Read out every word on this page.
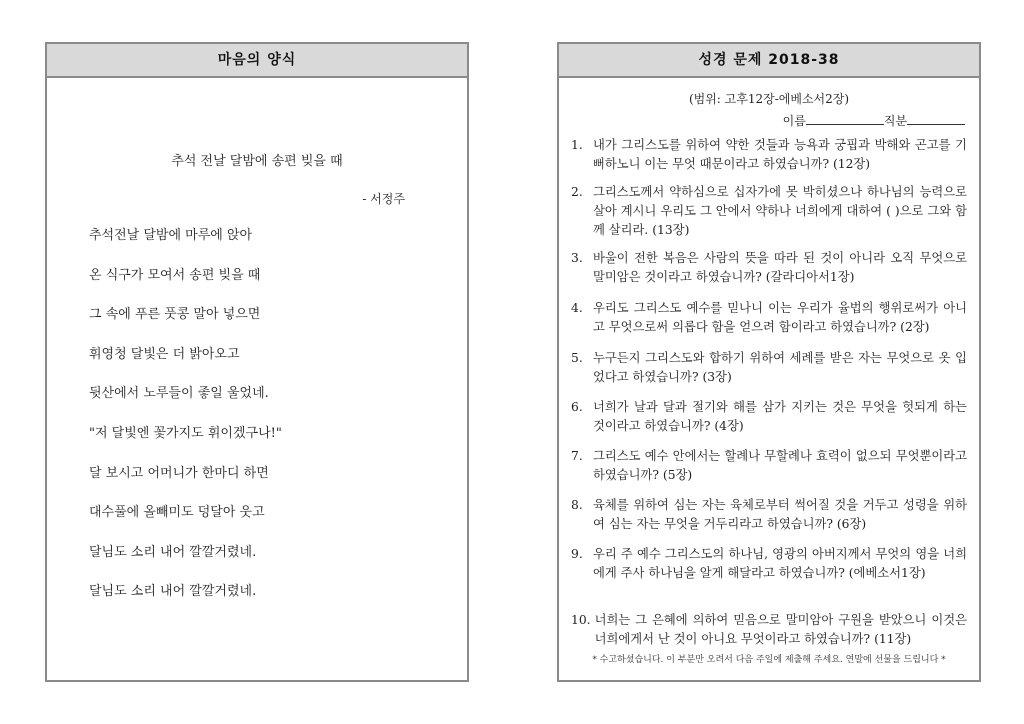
마음의 양식
추석 전날 달밤에 송편 빚을 때
- 서정주
추석전날 달밤에 마루에 앉아
온 식구가 모여서 송편 빚을 때
그 속에 푸른 풋콩 말아 넣으면
휘영청 달빛은 더 밝아오고
뒷산에서 노루들이 좋일 울었네.
"저 달빛엔 꽃가지도 휘이겠구나!"
달 보시고 어머니가 한마디 하면
대수풀에 올빼미도 덩달아 웃고
달님도 소리 내어 깔깔거렸네.
달님도 소리 내어 깔깔거렸네.
성경 문제 2018-38
(범위: 고후12장-에베소서2장)
이름	직분
1. 내가 그리스도를 위하여 약한 것들과 능욕과 궁핍과 박해와 곤고를 기뻐하노니 이는 무엇 때문이라고 하였습니까? (12장)
2. 그리스도께서 약하심으로 십자가에 못 박히셨으나 하나님의 능력으로 살아 계시니 우리도 그 안에서 약하나 너희에게 대하여 ( )으로 그와 함께 살리라. (13장)
3. 바울이 전한 복음은 사람의 뜻을 따라 된 것이 아니라 오직 무엇으로 말미암은 것이라고 하였습니까? (갈라디아서1장)
4. 우리도 그리스도 예수를 믿나니 이는 우리가 율법의 행위로써가 아니고 무엇으로써 의롭다 함을 얻으려 함이라고 하였습니까? (2장)
5. 누구든지 그리스도와 합하기 위하여 세례를 받은 자는 무엇으로 옷 입었다고 하였습니까? (3장)
6. 너희가 날과 달과 절기와 해를 삼가 지키는 것은 무엇을 헛되게 하는 것이라고 하였습니까? (4장)
7. 그리스도 예수 안에서는 할례나 무할례나 효력이 없으되 무엇뿐이라고 하였습니까? (5장)
8. 육체를 위하여 심는 자는 육체로부터 썩어질 것을 거두고 성령을 위하여 심는 자는 무엇을 거두리라고 하였습니까? (6장)
9. 우리 주 예수 그리스도의 하나님, 영광의 아버지께서 무엇의 영을 너희에게 주사 하나님을 알게 해달라고 하였습니까? (에베소서1장)
10. 너희는 그 은혜에 의하여 믿음으로 말미암아 구원을 받았으니 이것은 너희에게서 난 것이 아니요 무엇이라고 하였습니까? (11장)
* 수고하셨습니다. 이 부분만 오려서 다음 주일에 제출해 주세요. 연말에 선물을 드립니다 *
